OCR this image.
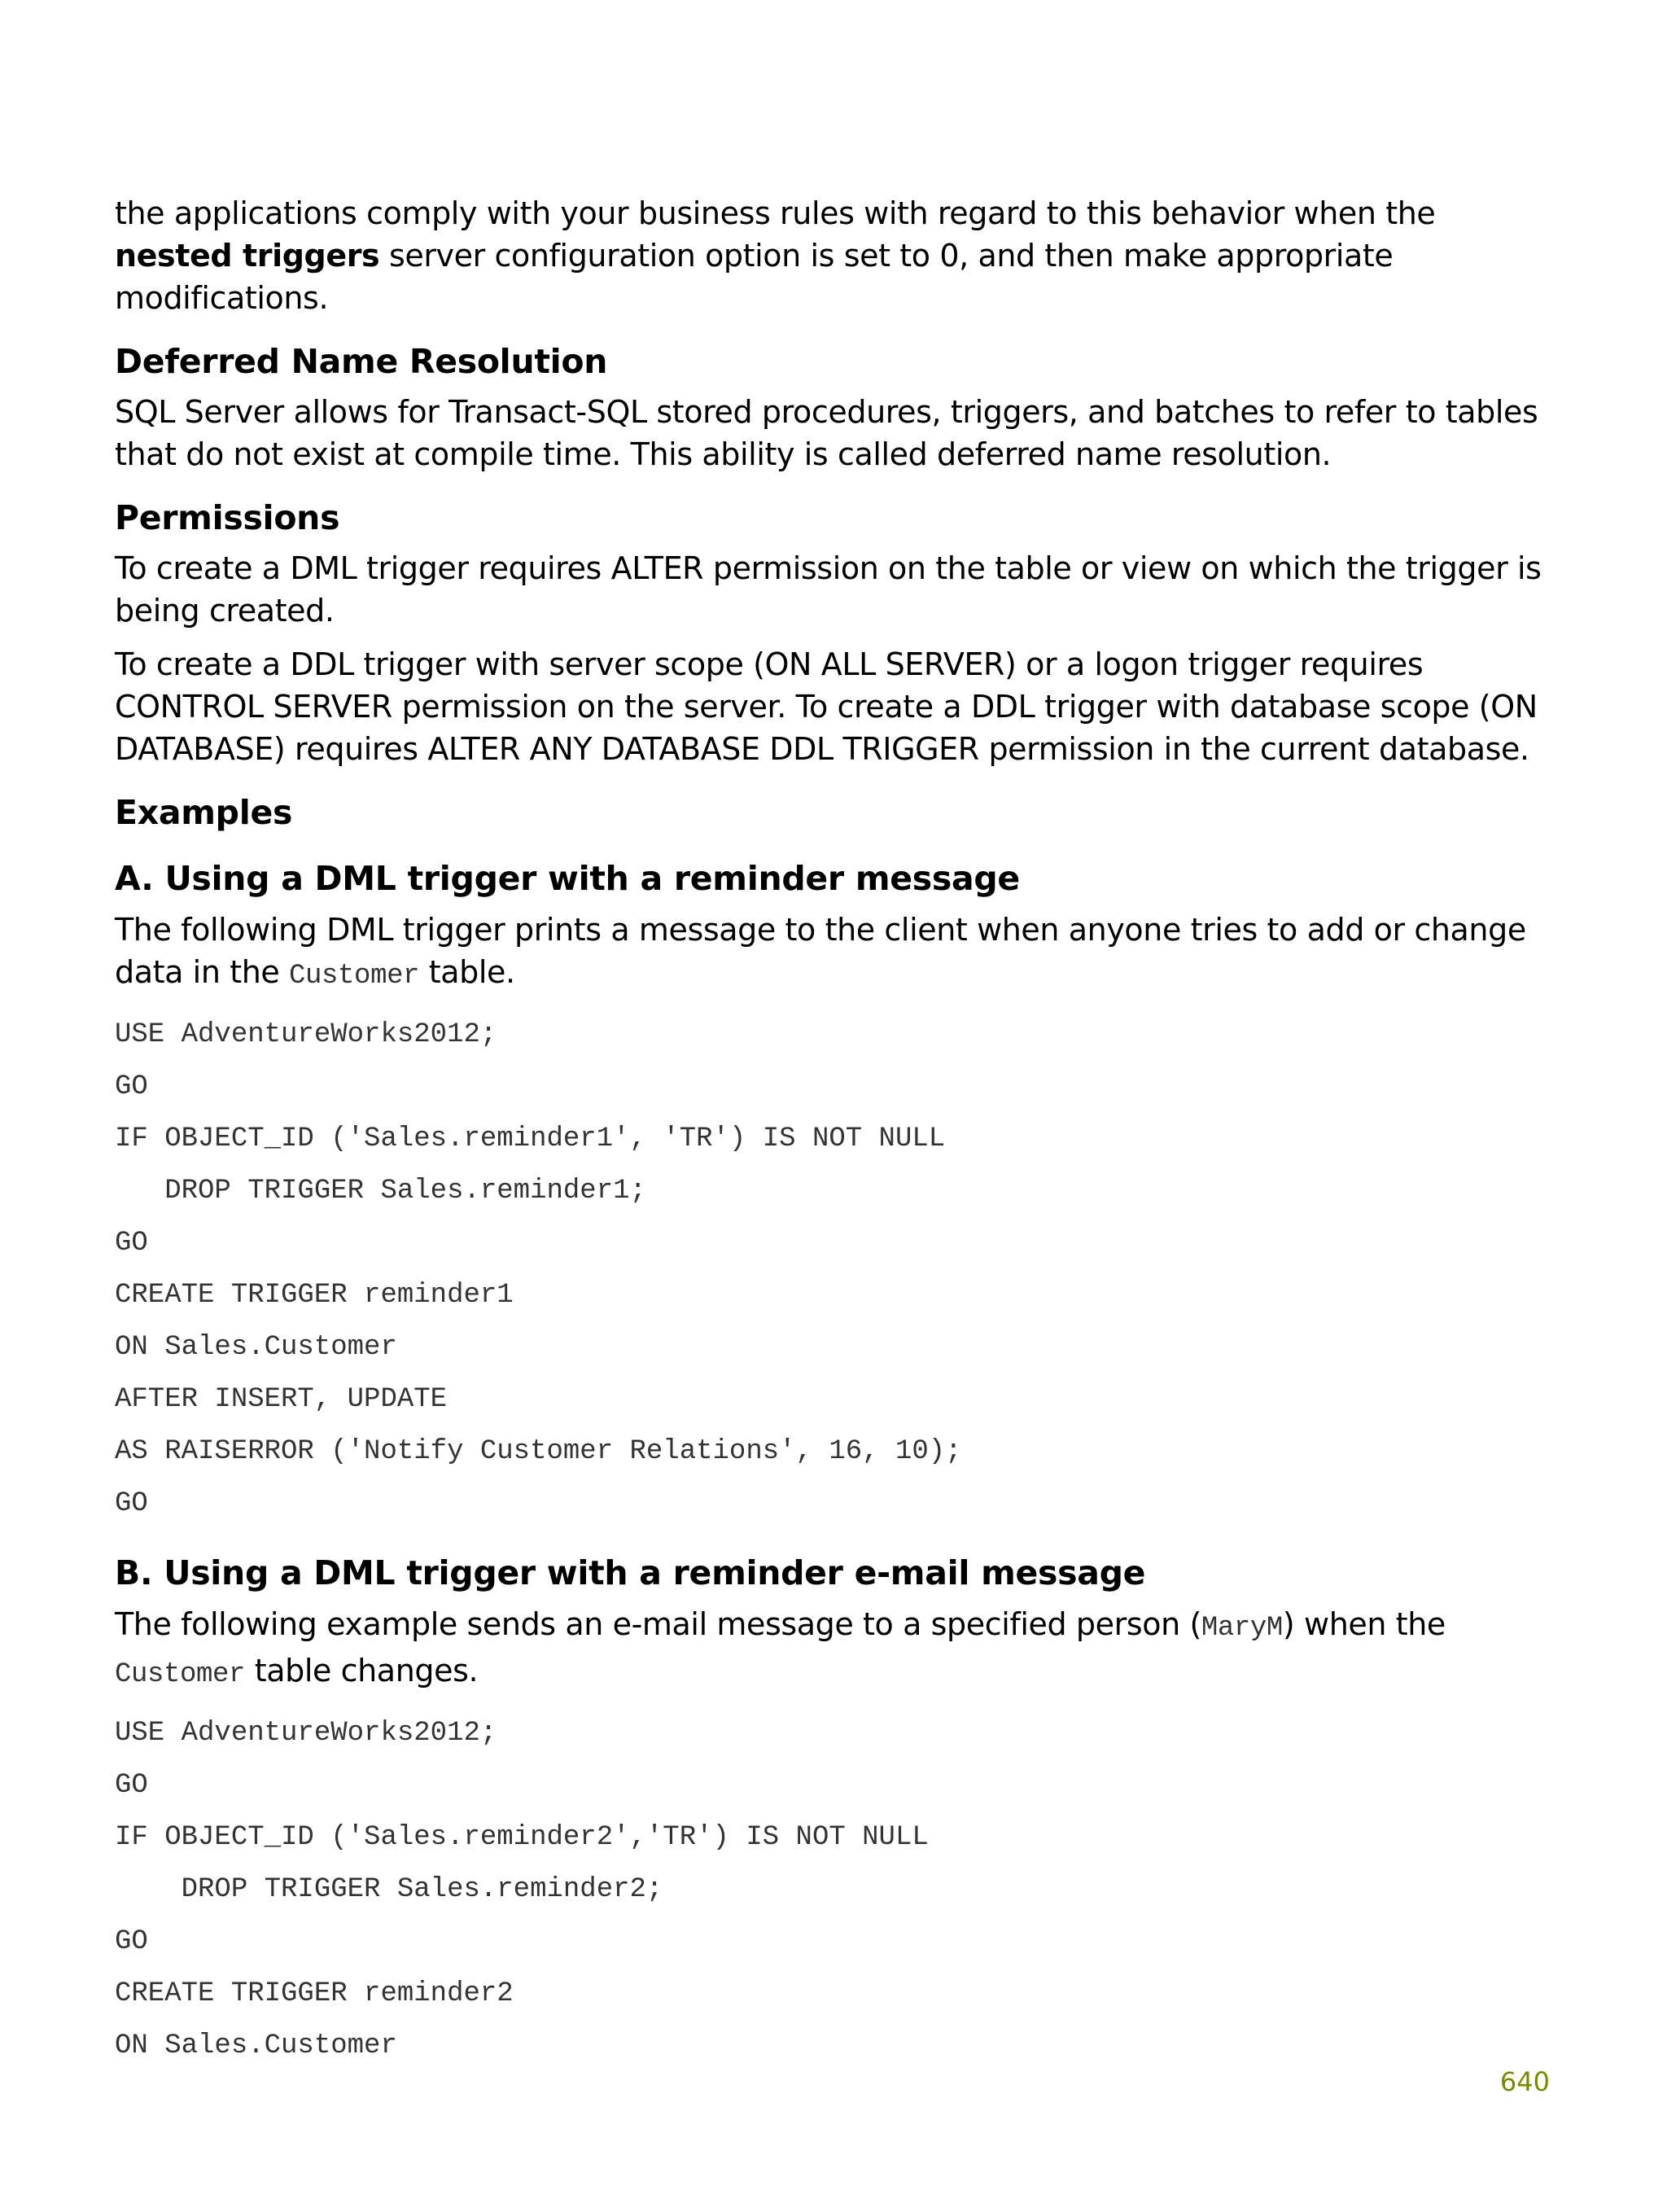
the applications comply with your business rules with regard to this behavior when the nested triggers server configuration option is set to 0, and then make appropriate modifications.

Deferred Name Resolution

SQL Server allows for Transact-SQL stored procedures, triggers, and batches to refer to tables that do not exist at compile time. This ability is called deferred name resolution.

Permissions

To create a DML trigger requires ALTER permission on the table or view on which the trigger is being created.

To create a DDL trigger with server scope (ON ALL SERVER) or a logon trigger requires CONTROL SERVER permission on the server. To create a DDL trigger with database scope (ON DATABASE) requires ALTER ANY DATABASE DDL TRIGGER permission in the current database.

Examples
A. Using a DML trigger with a reminder message

The following DML trigger prints a message to the client when anyone tries to add or change data in the Customer table.

USE AdventureWorks2012;
GO
IF OBJECT_ID ('Sales.reminder1', 'TR') IS NOT NULL
DROP TRIGGER Sales.reminder1;
GO
CREATE TRIGGER reminder1
ON Sales.Customer
AFTER INSERT, UPDATE
AS RAISERROR ('Notify Customer Relations', 16, 10);
GO
B. Using a DML trigger with a reminder e-mail message

The following example sends an e-mail message to a specified person (MaryM) when the Customer table changes.

USE AdventureWorks2012;
GO
IF OBJECT_ID ('Sales.reminder2','TR') IS NOT NULL
DROP TRIGGER Sales.reminder2;
GO
CREATE TRIGGER reminder2
ON Sales.Customer
640
